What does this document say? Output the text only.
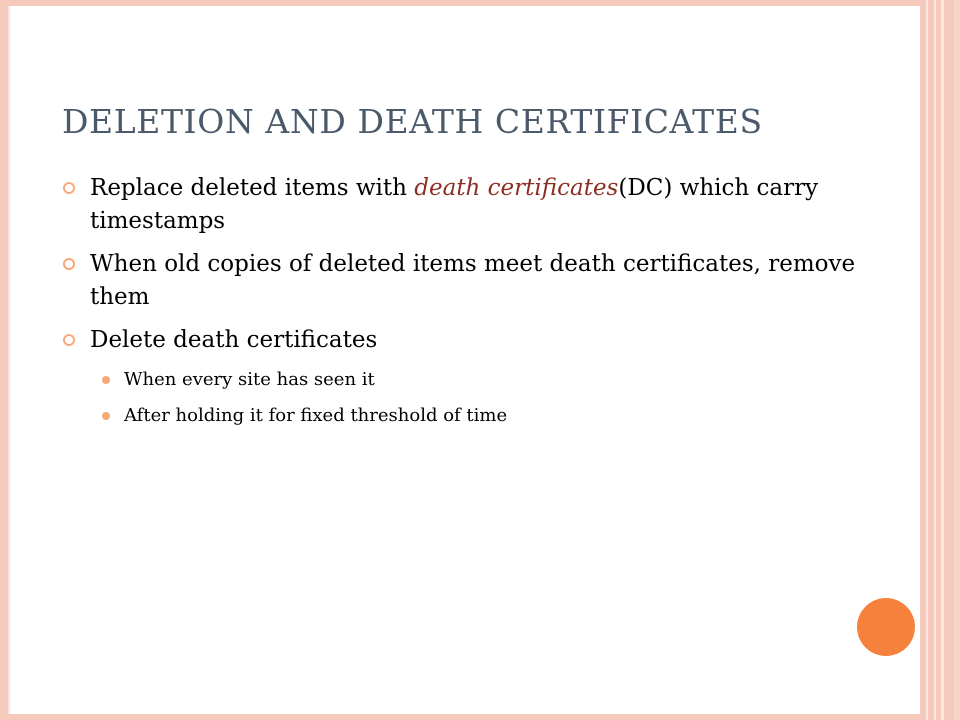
DELETION AND DEATH CERTIFICATES
Replace deleted items with death certificates(DC) which carry timestamps
When old copies of deleted items meet death certificates, remove them
Delete death certificates
When every site has seen it
After holding it for fixed threshold of time
